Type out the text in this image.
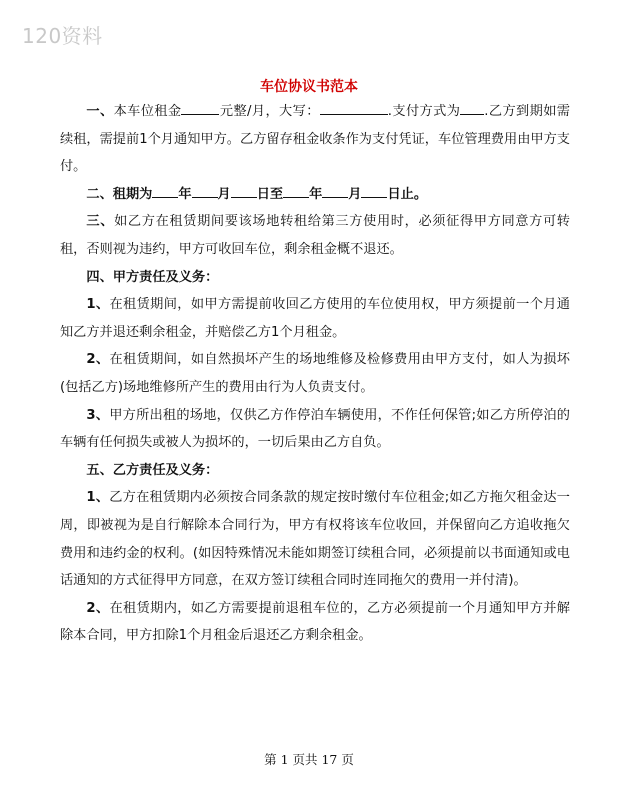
120资料
车位协议书范本

一、本车位租金	元整/月，大写：	.支付方式为 .乙方到期如需续租，需提前1个月通知甲方。乙方留存租金收条作为支付凭证，车位管理费用由甲方支付。

二、租期为 年 月 日至 年 月 日止。

三、如乙方在租赁期间要该场地转租给第三方使用时，必须征得甲方同意方可转租，否则视为违约，甲方可收回车位，剩余租金概不退还。

四、甲方责任及义务：

1、在租赁期间，如甲方需提前收回乙方使用的车位使用权，甲方须提前一个月通知乙方并退还剩余租金，并赔偿乙方1个月租金。

2、在租赁期间，如自然损坏产生的场地维修及检修费用由甲方支付，如人为损坏(包括乙方)场地维修所产生的费用由行为人负责支付。

3、甲方所出租的场地，仅供乙方作停泊车辆使用，不作任何保管;如乙方所停泊的车辆有任何损失或被人为损坏的，一切后果由乙方自负。

五、乙方责任及义务：

1、乙方在租赁期内必须按合同条款的规定按时缴付车位租金;如乙方拖欠租金达一周，即被视为是自行解除本合同行为，甲方有权将该车位收回，并保留向乙方追收拖欠费用和违约金的权利。(如因特殊情况未能如期签订续租合同，必须提前以书面通知或电话通知的方式征得甲方同意，在双方签订续租合同时连同拖欠的费用一并付清)。

2、在租赁期内，如乙方需要提前退租车位的，乙方必须提前一个月通知甲方并解除本合同，甲方扣除1个月租金后退还乙方剩余租金。

第 1 页共 17 页
